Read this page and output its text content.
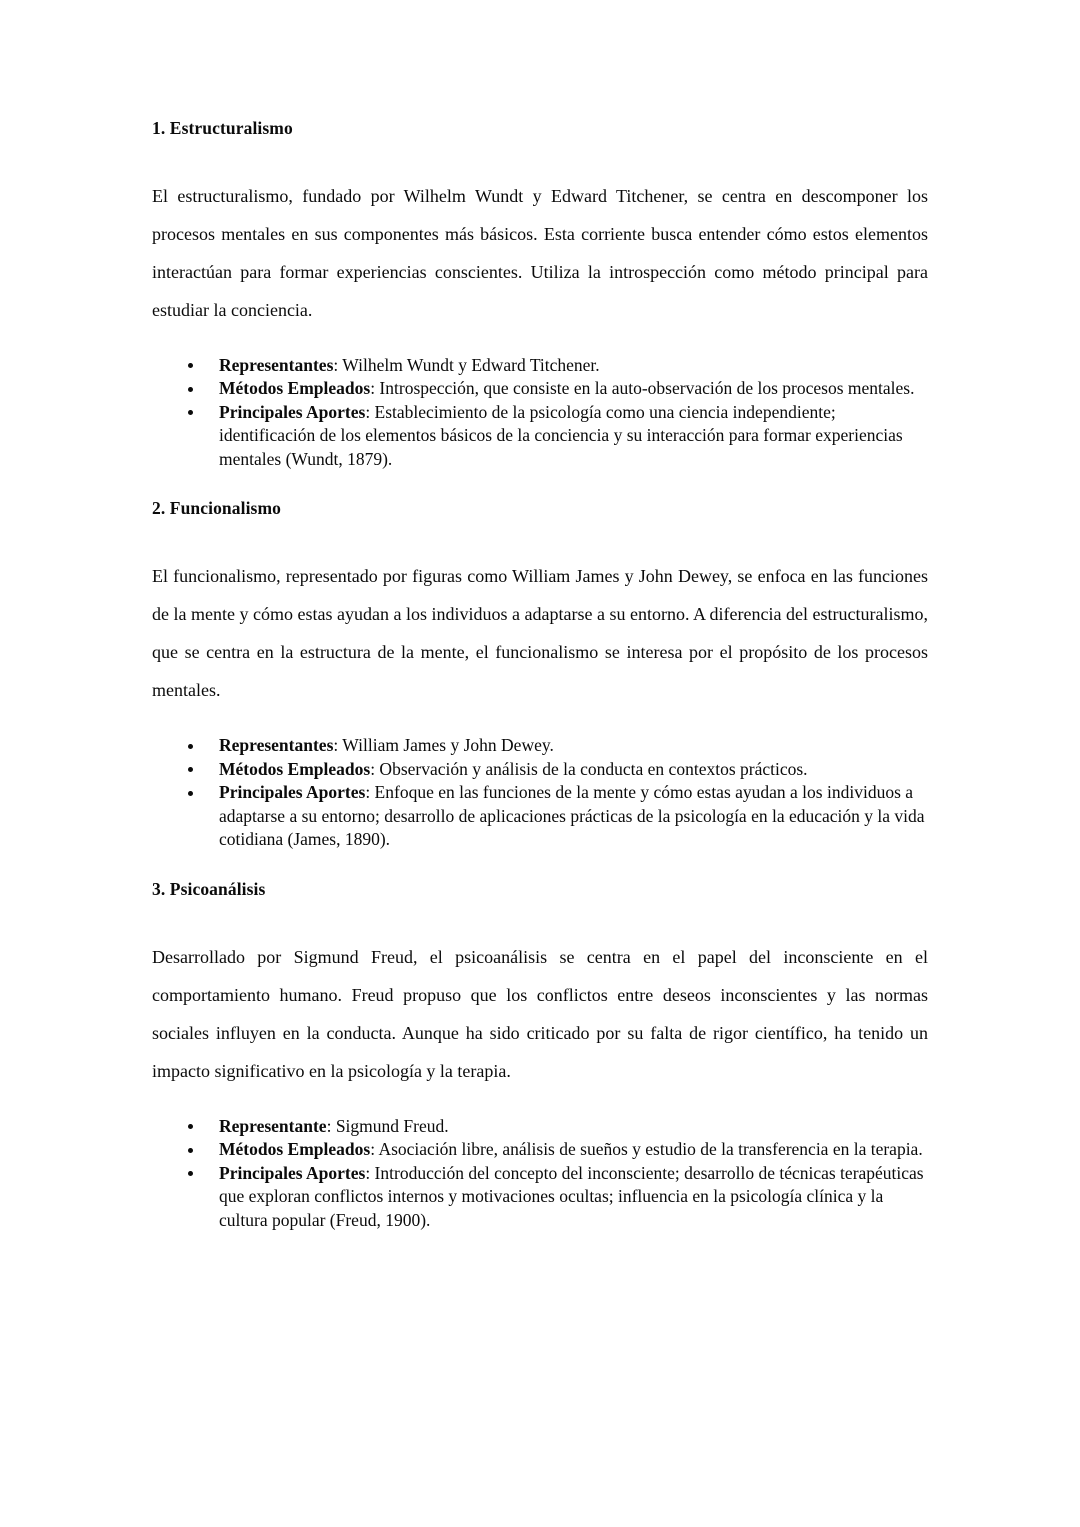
1. Estructuralismo

El estructuralismo, fundado por Wilhelm Wundt y Edward Titchener, se centra en descomponer los procesos mentales en sus componentes más básicos. Esta corriente busca entender cómo estos elementos interactúan para formar experiencias conscientes. Utiliza la introspección como método principal para estudiar la conciencia.

Representantes: Wilhelm Wundt y Edward Titchener.
Métodos Empleados: Introspección, que consiste en la auto-observación de los procesos mentales.
Principales Aportes: Establecimiento de la psicología como una ciencia independiente; identificación de los elementos básicos de la conciencia y su interacción para formar experiencias mentales (Wundt, 1879).
2. Funcionalismo

El funcionalismo, representado por figuras como William James y John Dewey, se enfoca en las funciones de la mente y cómo estas ayudan a los individuos a adaptarse a su entorno. A diferencia del estructuralismo, que se centra en la estructura de la mente, el funcionalismo se interesa por el propósito de los procesos mentales.

Representantes: William James y John Dewey.
Métodos Empleados: Observación y análisis de la conducta en contextos prácticos.
Principales Aportes: Enfoque en las funciones de la mente y cómo estas ayudan a los individuos a adaptarse a su entorno; desarrollo de aplicaciones prácticas de la psicología en la educación y la vida cotidiana (James, 1890).
3. Psicoanálisis

Desarrollado por Sigmund Freud, el psicoanálisis se centra en el papel del inconsciente en el comportamiento humano. Freud propuso que los conflictos entre deseos inconscientes y las normas sociales influyen en la conducta. Aunque ha sido criticado por su falta de rigor científico, ha tenido un impacto significativo en la psicología y la terapia.

Representante: Sigmund Freud.
Métodos Empleados: Asociación libre, análisis de sueños y estudio de la transferencia en la terapia.
Principales Aportes: Introducción del concepto del inconsciente; desarrollo de técnicas terapéuticas que exploran conflictos internos y motivaciones ocultas; influencia en la psicología clínica y la cultura popular (Freud, 1900).
